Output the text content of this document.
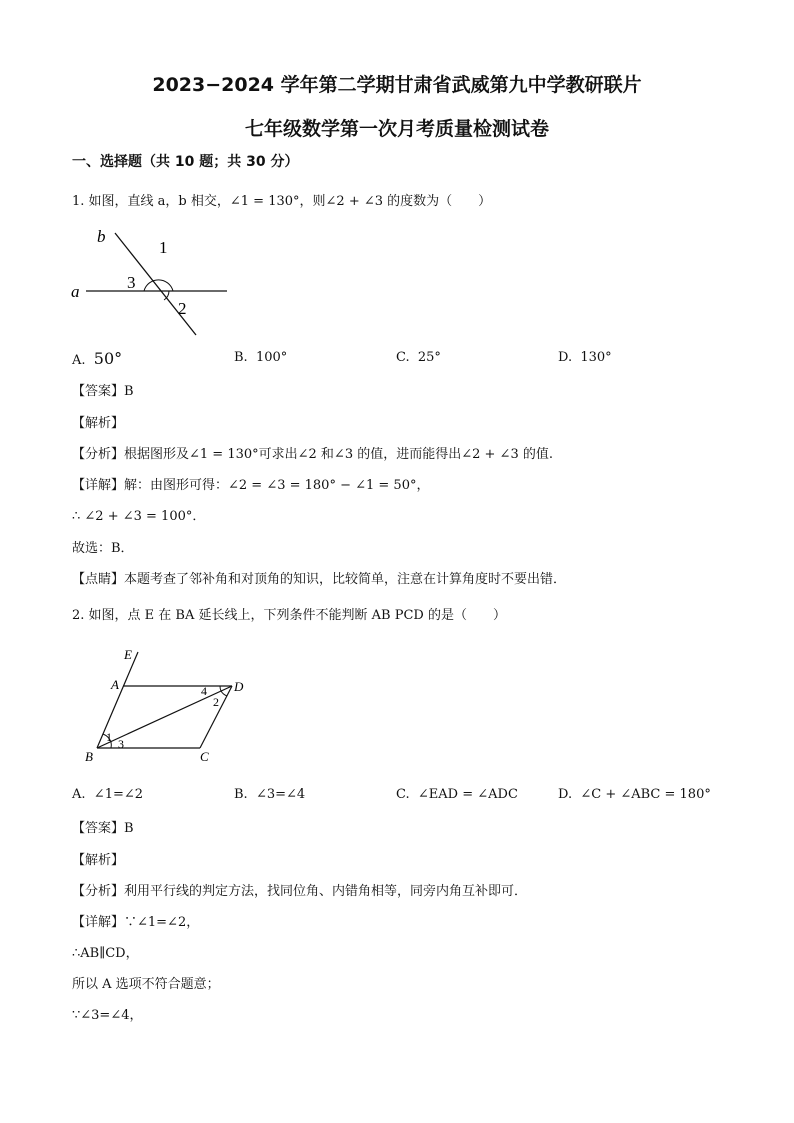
2023−2024 学年第二学期甘肃省武威第九中学教研联片
七年级数学第一次月考质量检测试卷
一、选择题（共 10 题；共 30 分）
1. 如图，直线 a，b 相交，∠1 = 130°，则∠2 + ∠3 的度数为（　　）
b
a
1
2
3
A. 50°	B. 100°	C. 25°	D. 130°
【答案】B
【解析】
【分析】根据图形及∠1 = 130°可求出∠2 和∠3 的值，进而能得出∠2 + ∠3 的值.
【详解】解：由图形可得：∠2 = ∠3 = 180° − ∠1 = 50°，
∴ ∠2 + ∠3 = 100°．
故选：B．
【点睛】本题考查了邻补角和对顶角的知识，比较简单，注意在计算角度时不要出错．
2. 如图，点 E 在 BA 延长线上，下列条件不能判断 AB PCD 的是（　　）
E
A	D
B	C
1
2
3
4
A. ∠1=∠2	B. ∠3=∠4	C. ∠EAD = ∠ADC	D. ∠C + ∠ABC = 180°
【答案】B
【解析】
【分析】利用平行线的判定方法，找同位角、内错角相等，同旁内角互补即可．
【详解】∵∠1=∠2，
∴AB∥CD，
所以 A 选项不符合题意；
∵∠3=∠4，
